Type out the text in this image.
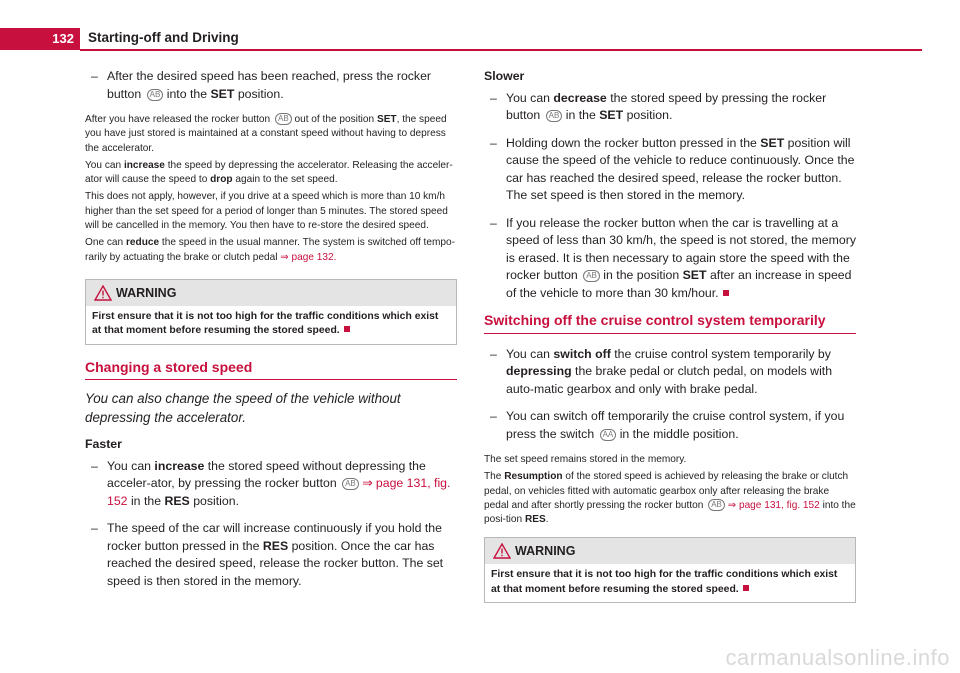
132	Starting-off and Driving
– After the desired speed has been reached, press the rocker button AB into the SET position.

After you have released the rocker button AB out of the position SET, the speed you have just stored is maintained at a constant speed without having to depress the accelerator.

You can increase the speed by depressing the accelerator. Releasing the acceler-ator will cause the speed to drop again to the set speed.

This does not apply, however, if you drive at a speed which is more than 10 km/h higher than the set speed for a period of longer than 5 minutes. The stored speed will be cancelled in the memory. You then have to re-store the desired speed.

One can reduce the speed in the usual manner. The system is switched off tempo-rarily by actuating the brake or clutch pedal ⇒ page 132.

WARNING
First ensure that it is not too high for the traffic conditions which exist at that moment before resuming the stored speed.
Changing a stored speed

You can also change the speed of the vehicle without depressing the accelerator.

Faster

– You can increase the stored speed without depressing the acceler-ator, by pressing the rocker button AB ⇒ page 131, fig. 152 in the RES position.
– The speed of the car will increase continuously if you hold the rocker button pressed in the RES position. Once the car has reached the desired speed, release the rocker button. The set speed is then stored in the memory.

Slower

– You can decrease the stored speed by pressing the rocker button AB in the SET position.
– Holding down the rocker button pressed in the SET position will cause the speed of the vehicle to reduce continuously. Once the car has reached the desired speed, release the rocker button. The set speed is then stored in the memory.
– If you release the rocker button when the car is travelling at a speed of less than 30 km/h, the speed is not stored, the memory is erased. It is then necessary to again store the speed with the rocker button AB in the position SET after an increase in speed of the vehicle to more than 30 km/hour.
Switching off the cruise control system temporarily
– You can switch off the cruise control system temporarily by depressing the brake pedal or clutch pedal, on models with auto-matic gearbox and only with brake pedal.
– You can switch off temporarily the cruise control system, if you press the switch AA in the middle position.

The set speed remains stored in the memory.

The Resumption of the stored speed is achieved by releasing the brake or clutch pedal, on vehicles fitted with automatic gearbox only after releasing the brake pedal and after shortly pressing the rocker button AB ⇒ page 131, fig. 152 into the posi-tion RES.

WARNING
First ensure that it is not too high for the traffic conditions which exist at that moment before resuming the stored speed.
carmanualsonline.info
